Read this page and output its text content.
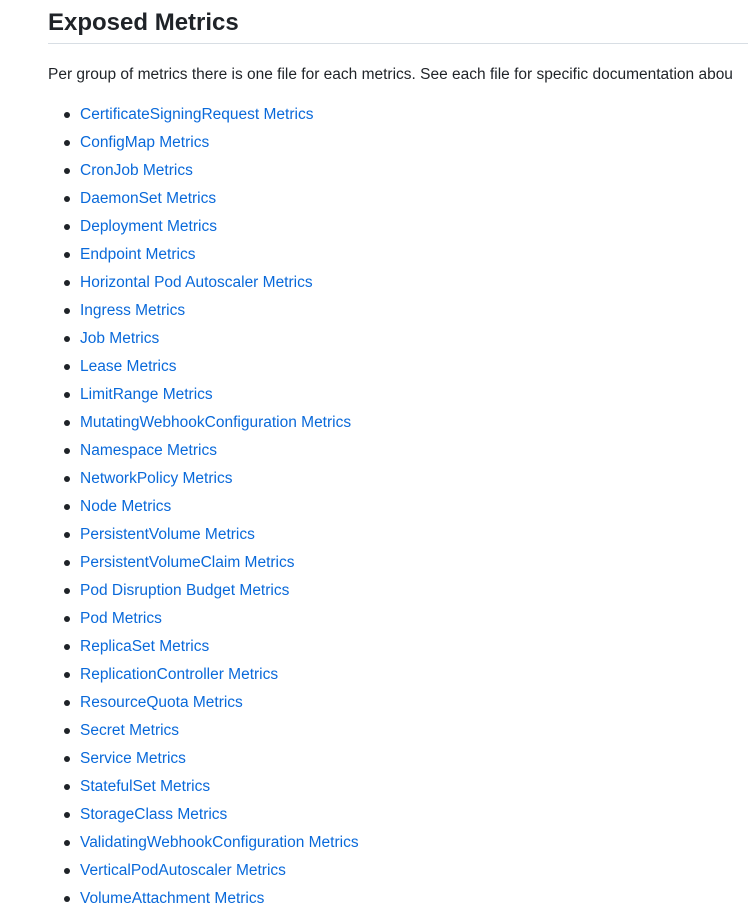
Exposed Metrics

Per group of metrics there is one file for each metrics. See each file for specific documentation abou

CertificateSigningRequest Metrics
ConfigMap Metrics
CronJob Metrics
DaemonSet Metrics
Deployment Metrics
Endpoint Metrics
Horizontal Pod Autoscaler Metrics
Ingress Metrics
Job Metrics
Lease Metrics
LimitRange Metrics
MutatingWebhookConfiguration Metrics
Namespace Metrics
NetworkPolicy Metrics
Node Metrics
PersistentVolume Metrics
PersistentVolumeClaim Metrics
Pod Disruption Budget Metrics
Pod Metrics
ReplicaSet Metrics
ReplicationController Metrics
ResourceQuota Metrics
Secret Metrics
Service Metrics
StatefulSet Metrics
StorageClass Metrics
ValidatingWebhookConfiguration Metrics
VerticalPodAutoscaler Metrics
VolumeAttachment Metrics
